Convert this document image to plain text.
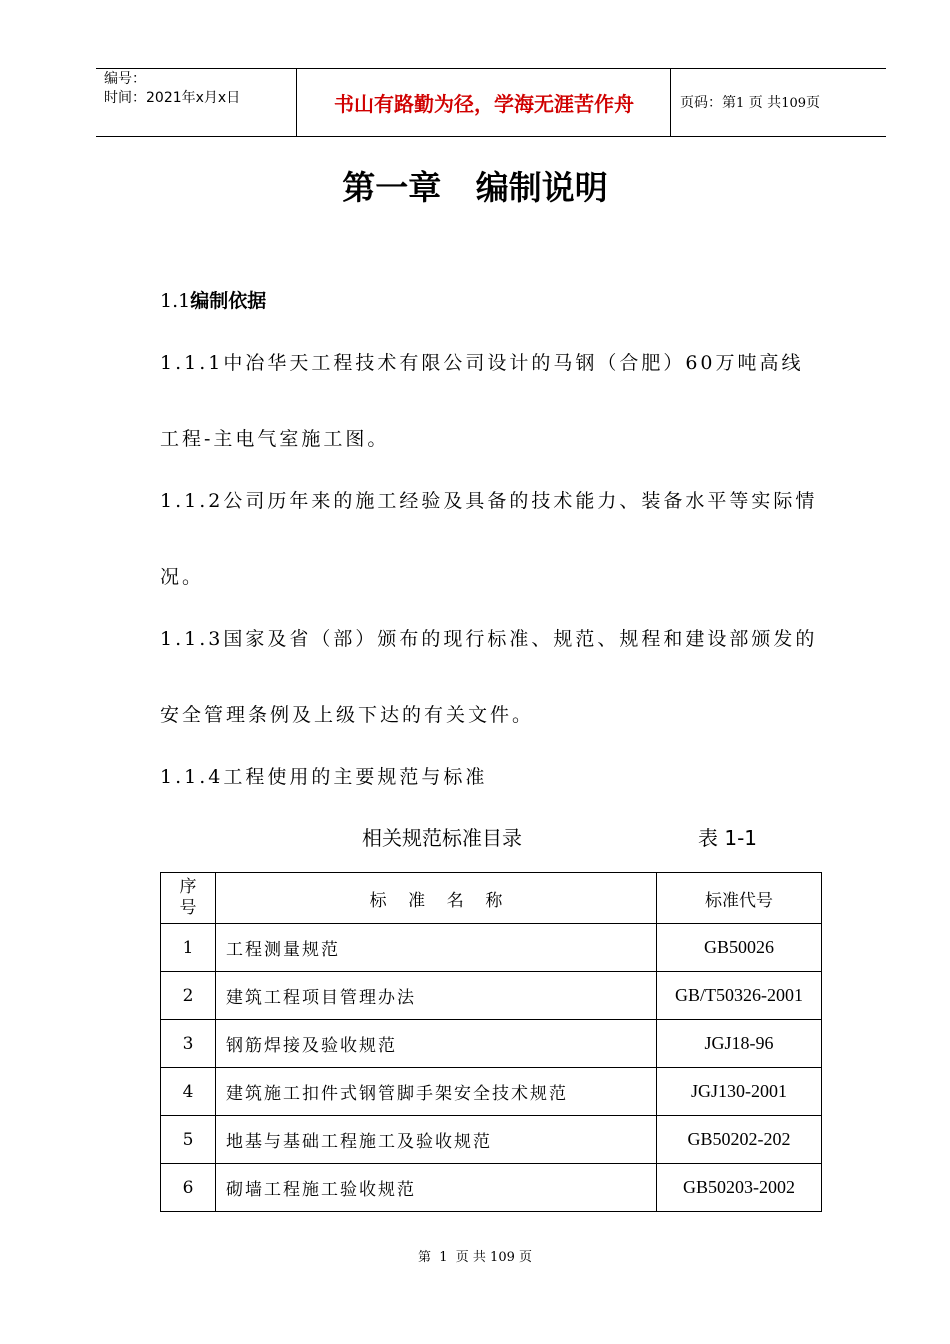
编号：
时间：2021年x月x日	书山有路勤为径，学海无涯苦作舟	页码：第1 页 共109页
第一章   编制说明
1.1编制依据
1.1.1中冶华天工程技术有限公司设计的马钢（合肥）60万吨高线
工程-主电气室施工图。
1.1.2公司历年来的施工经验及具备的技术能力、装备水平等实际情
况。
1.1.3国家及省（部）颁布的现行标准、规范、规程和建设部颁发的
安全管理条例及上级下达的有关文件。
1.1.4工程使用的主要规范与标准
相关规范标准目录	表 1-1
序
号	标    准    名    称	标准代号
1	工程测量规范	GB50026
2	建筑工程项目管理办法	GB/T50326-2001
3	钢筋焊接及验收规范	JGJ18-96
4	建筑施工扣件式钢管脚手架安全技术规范	JGJ130-2001
5	地基与基础工程施工及验收规范	GB50202-202
6	砌墙工程施工验收规范	GB50203-2002
第  1  页 共 109 页
